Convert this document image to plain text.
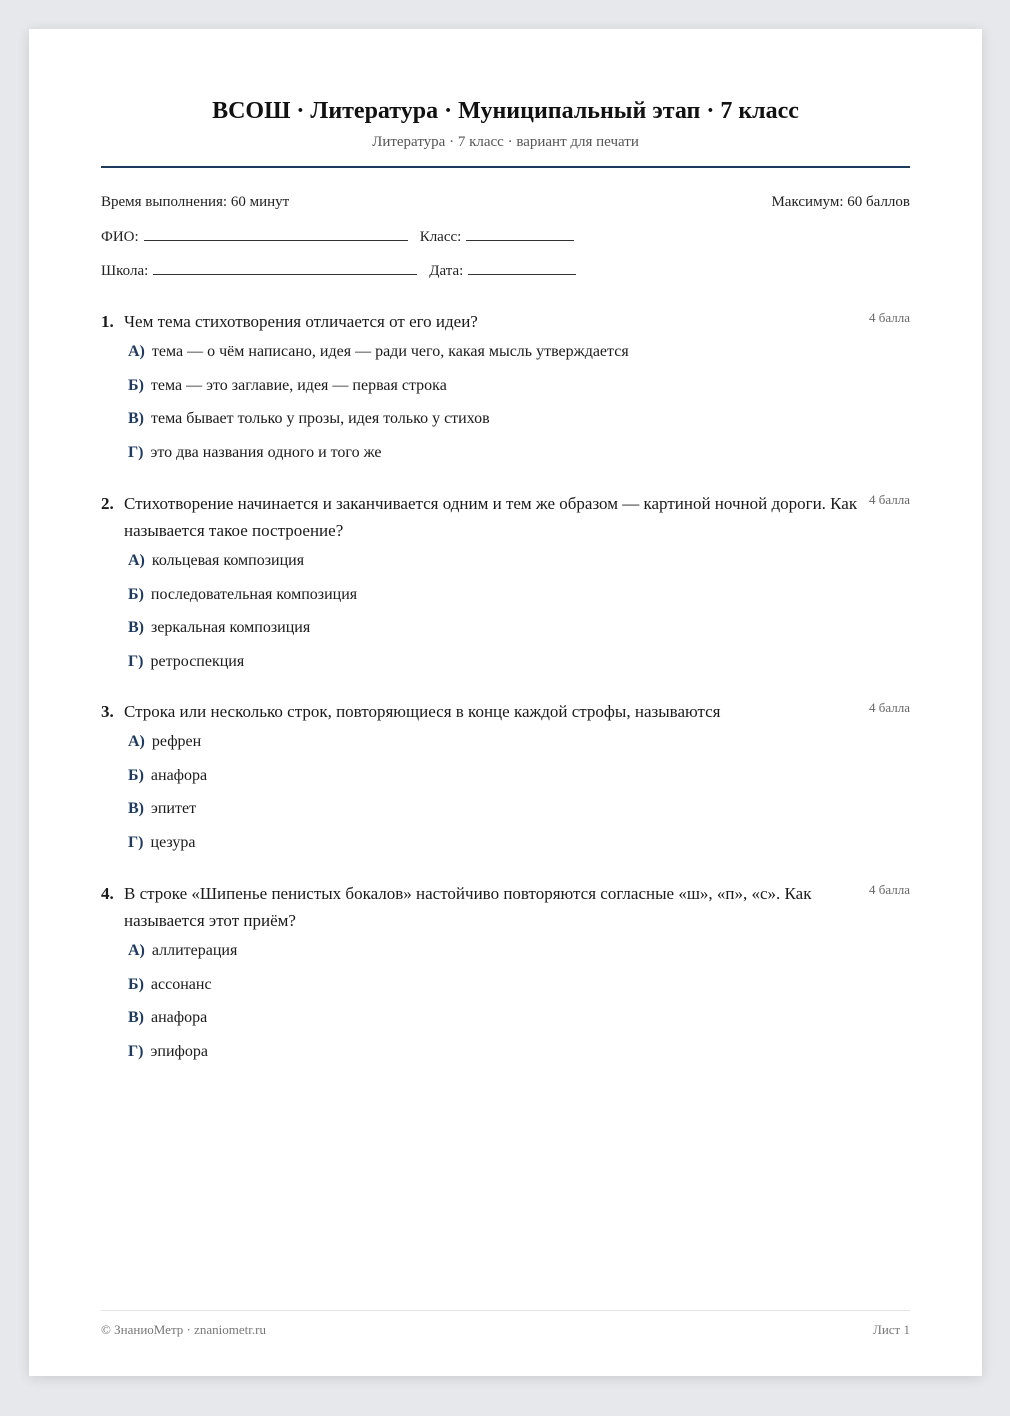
ВСОШ · Литература · Муниципальный этап · 7 класс
Литература · 7 класс · вариант для печати
Время выполнения: 60 минут	Максимум: 60 баллов
ФИО:	Класс:
Школа:	Дата:
1. Чем тема стихотворения отличается от его идеи?	4 балла
А) тема — о чём написано, идея — ради чего, какая мысль утверждается
Б) тема — это заглавие, идея — первая строка
В) тема бывает только у прозы, идея только у стихов
Г) это два названия одного и того же
2. Стихотворение начинается и заканчивается одним и тем же образом — картиной ночной дороги. Как называется такое построение?
4 балла
А) кольцевая композиция
Б) последовательная композиция
В) зеркальная композиция
Г) ретроспекция
3. Строка или несколько строк, повторяющиеся в конце каждой строфы, называются	4 балла
А) рефрен
Б) анафора
В) эпитет
Г) цезура
4. В строке «Шипенье пенистых бокалов» настойчиво повторяются согласные «ш», «п», «с». Как называется этот приём?
4 балла
А) аллитерация
Б) ассонанс
В) анафора
Г) эпифора
© ЗнаниоМетр · znaniometr.ru	Лист 1
